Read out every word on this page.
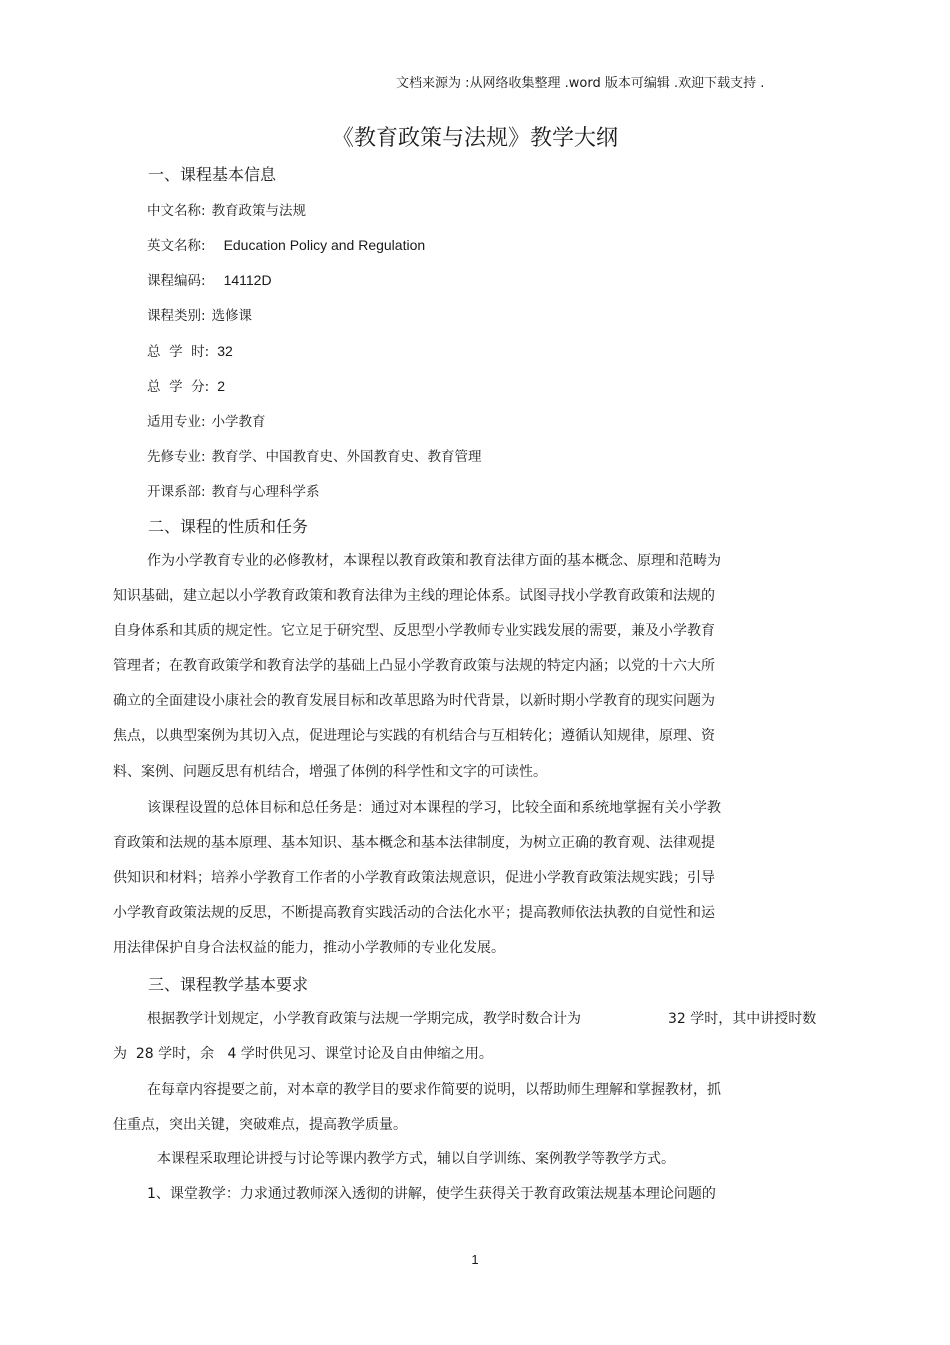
文档来源为 :从网络收集整理 .word 版本可编辑 .欢迎下载支持 .
《教育政策与法规》教学大纲
一、课程基本信息
中文名称: 教育政策与法规
英文名称: Education Policy and Regulation
课程编码: 14112D
课程类别: 选修课
总  学  时: 32
总  学  分: 2
适用专业: 小学教育
先修专业: 教育学、中国教育史、外国教育史、教育管理
开课系部: 教育与心理科学系
二、课程的性质和任务
作为小学教育专业的必修教材，本课程以教育政策和教育法律方面的基本概念、原理和范畴为
知识基础，建立起以小学教育政策和教育法律为主线的理论体系。试图寻找小学教育政策和法规的
自身体系和其质的规定性。它立足于研究型、反思型小学教师专业实践发展的需要，兼及小学教育
管理者；在教育政策学和教育法学的基础上凸显小学教育政策与法规的特定内涵；以党的十六大所
确立的全面建设小康社会的教育发展目标和改革思路为时代背景，以新时期小学教育的现实问题为
焦点，以典型案例为其切入点，促进理论与实践的有机结合与互相转化；遵循认知规律，原理、资
料、案例、问题反思有机结合，增强了体例的科学性和文字的可读性。
该课程设置的总体目标和总任务是：通过对本课程的学习，比较全面和系统地掌握有关小学教
育政策和法规的基本原理、基本知识、基本概念和基本法律制度，为树立正确的教育观、法律观提
供知识和材料；培养小学教育工作者的小学教育政策法规意识，促进小学教育政策法规实践；引导
小学教育政策法规的反思，不断提高教育实践活动的合法化水平；提高教师依法执教的自觉性和运
用法律保护自身合法权益的能力，推动小学教师的专业化发展。
三、课程教学基本要求
根据教学计划规定，小学教育政策与法规一学期完成，教学时数合计为	32 学时，其中讲授时数
为  28 学时，余   4 学时供见习、课堂讨论及自由伸缩之用。
在每章内容提要之前，对本章的教学目的要求作简要的说明，以帮助师生理解和掌握教材，抓
住重点，突出关键，突破难点，提高教学质量。
本课程采取理论讲授与讨论等课内教学方式，辅以自学训练、案例教学等教学方式。
1、课堂教学：力求通过教师深入透彻的讲解，使学生获得关于教育政策法规基本理论问题的
1
